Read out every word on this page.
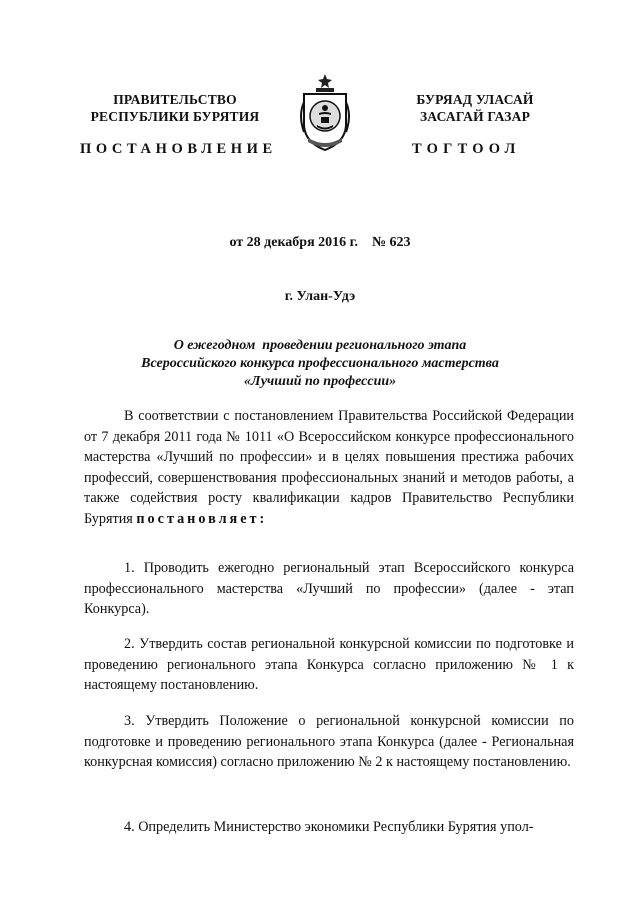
ПРАВИТЕЛЬСТВО
РЕСПУБЛИКИ БУРЯТИЯ
БУРЯАД УЛАСАЙ
ЗАСАГАЙ ГАЗАР
ПОСТАНОВЛЕНИЕ	ТОГТООЛ
от 28 декабря 2016 г. № 623
г. Улан-Удэ
О ежегодном  проведении регионального этапа
Всероссийского конкурса профессионального мастерства
«Лучший по профессии»
В соответствии с постановлением Правительства Российской Федерации от 7 декабря 2011 года № 1011 «О Всероссийском конкурсе профессионального мастерства «Лучший по профессии» и в целях повышения престижа рабочих профессий, совершенствования профессиональных знаний и методов работы, а также содействия росту квалификации кадров Правительство Республики Бурятия постановляет:
1. Проводить ежегодно региональный этап Всероссийского конкурса профессионального мастерства «Лучший по профессии» (далее - этап Конкурса).
2. Утвердить состав региональной конкурсной комиссии по подготовке и проведению регионального этапа Конкурса согласно приложению № 1 к настоящему постановлению.
3. Утвердить Положение о региональной конкурсной комиссии по подготовке и проведению регионального этапа Конкурса (далее - Региональная конкурсная комиссия) согласно приложению № 2 к настоящему постановлению.
4. Определить Министерство экономики Республики Бурятия упол-
